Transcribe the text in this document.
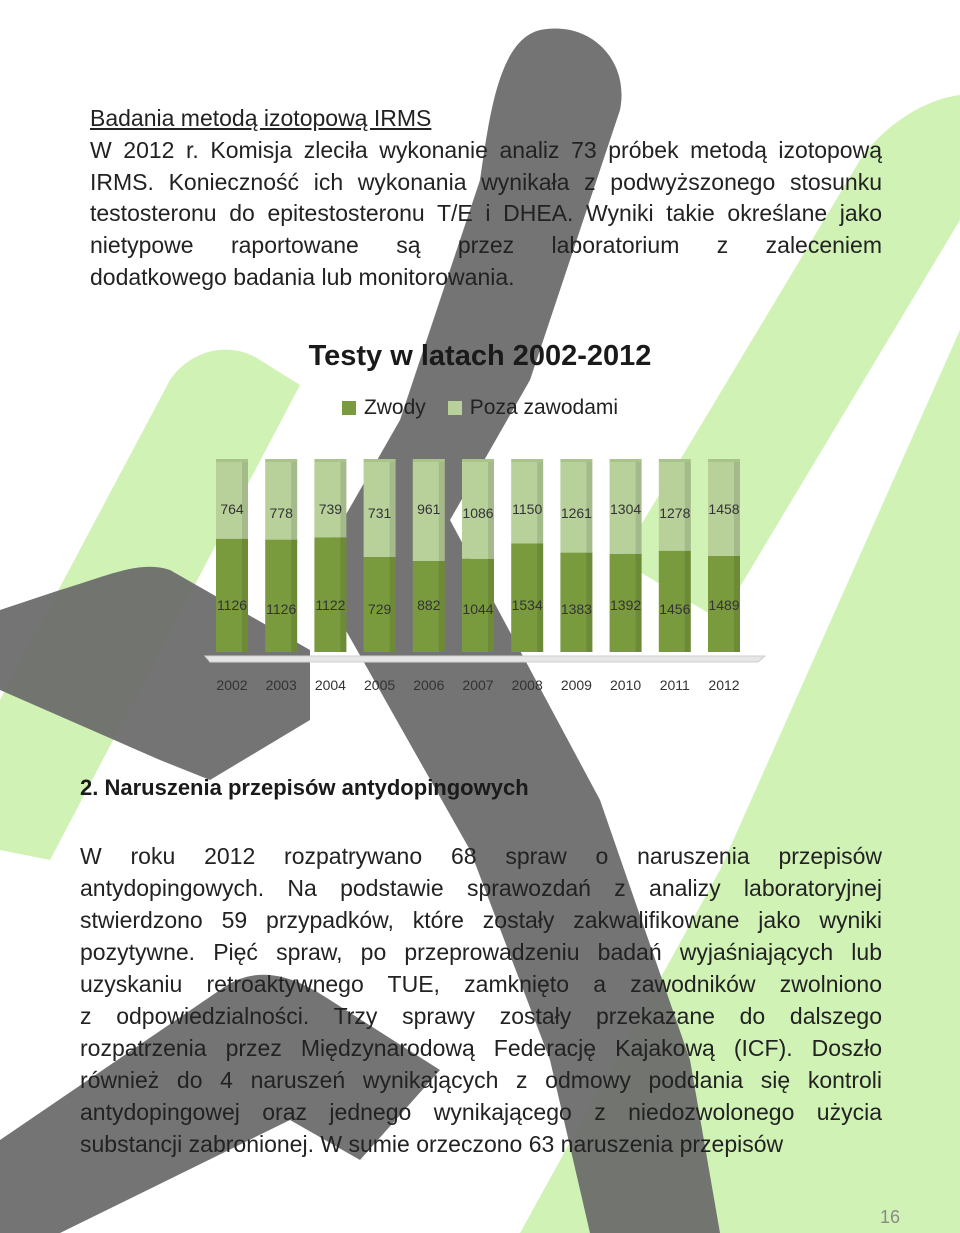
Badania metodą izotopową IRMS
W 2012 r. Komisja zleciła wykonanie analiz 73 próbek metodą izotopową
IRMS. Konieczność ich wykonania wynikała z podwyższonego stosunku
testosteronu do epitestosteronu T/E i DHEA. Wyniki takie określane jako
nietypowe raportowane są przez laboratorium z zaleceniem
dodatkowego badania lub monitorowania.
Testy w latach 2002-2012
Zwody Poza zawodami
764
1126
2002
778
1126
2003
739
1122
2004
731
729
2005
961
882
2006
1086
1044
2007
1150
1534
2008
1261
1383
2009
1304
1392
2010
1278
1456
2011
1458
1489
2012
2. Naruszenia przepisów antydopingowych
W roku 2012 rozpatrywano 68 spraw o naruszenia przepisów
antydopingowych. Na podstawie sprawozdań z analizy laboratoryjnej
stwierdzono 59 przypadków, które zostały zakwalifikowane jako wyniki
pozytywne. Pięć spraw, po przeprowadzeniu badań wyjaśniających lub
uzyskaniu retroaktywnego TUE, zamknięto a zawodników zwolniono
z odpowiedzialności. Trzy sprawy zostały przekazane do dalszego
rozpatrzenia przez Międzynarodową Federację Kajakową (ICF). Doszło
również do 4 naruszeń wynikających z odmowy poddania się kontroli
antydopingowej oraz jednego wynikającego z niedozwolonego użycia
substancji zabronionej. W sumie orzeczono 63 naruszenia przepisów
16
